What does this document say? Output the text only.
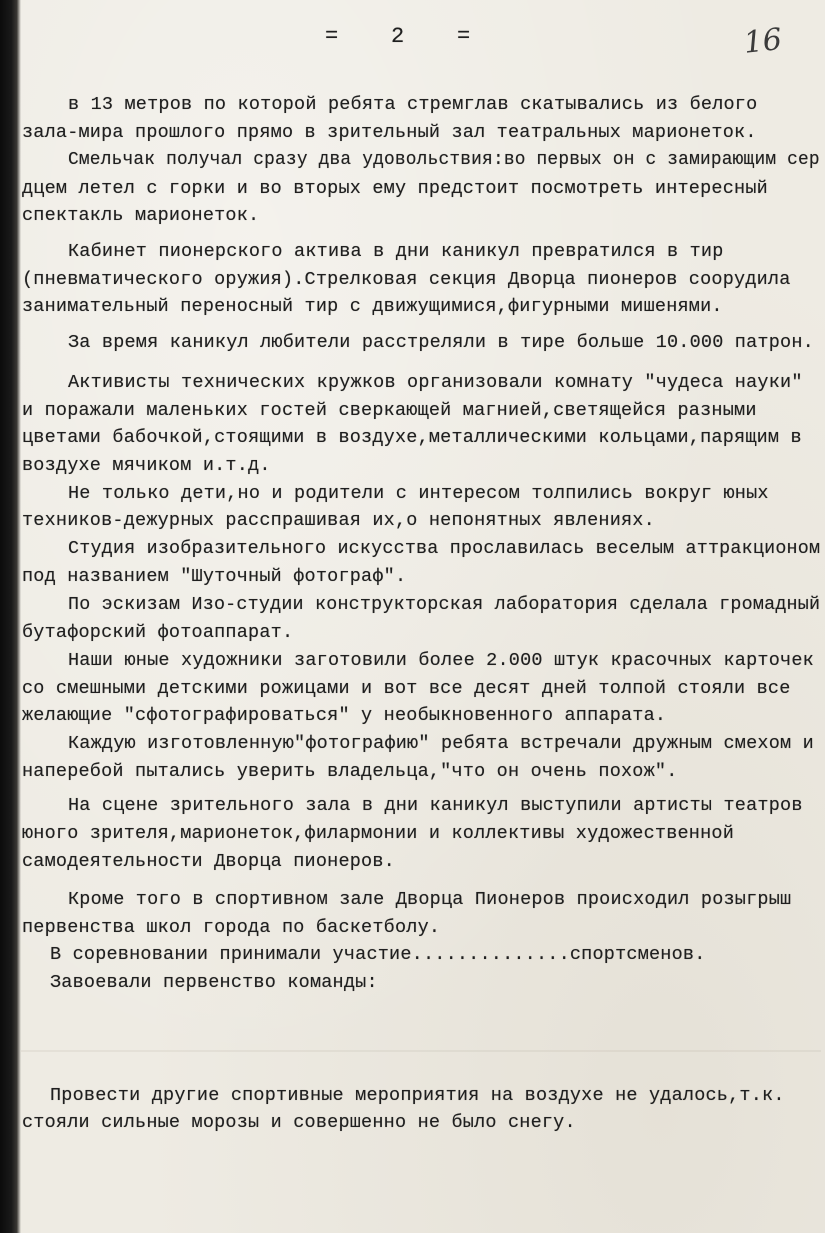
=    2    =	16
в 13 метров по которой ребята стремглав скатывались из белого
зала-мира прошлого прямо в зрительный зал театральных марионеток.
Смельчак получал сразу два удовольствия:во первых он с замирающим сер
дцем летел с горки и во вторых ему предстоит посмотреть интересный
спектакль марионеток.
Кабинет пионерского актива в дни каникул превратился в тир
(пневматического оружия).Стрелковая секция Дворца пионеров соорудила
занимательный переносный тир с движущимися,фигурными мишенями.
За время каникул любители расстреляли в тире больше 10.000 патрон.
Активисты технических кружков организовали комнату "чудеса науки"
и поражали маленьких гостей сверкающей магнией,светящейся разными
цветами бабочкой,стоящими в воздухе,металлическими кольцами,парящим в
воздухе мячиком и.т.д.
Не только дети,но и родители с интересом толпились вокруг юных
техников-дежурных расспрашивая их,о непонятных явлениях.
Студия изобразительного искусства прославилась веселым аттракционом
под названием "Шуточный фотограф".
По эскизам Изо-студии конструкторская лаборатория сделала громадный
бутафорский фотоаппарат.
Наши юные художники заготовили более 2.000 штук красочных карточек
со смешными детскими рожицами и вот все десят дней толпой стояли все
желающие "сфотографироваться" у необыкновенного аппарата.
Каждую изготовленную"фотографию" ребята встречали дружным смехом и
наперебой пытались уверить владельца,"что он очень похож".
На сцене зрительного зала в дни каникул выступили артисты театров
юного зрителя,марионеток,филармонии и коллективы художественной
самодеятельности Дворца пионеров.
Кроме того в спортивном зале Дворца Пионеров происходил розыгрыш
первенства школ города по баскетболу.
В соревновании принимали участие..............спортсменов.
Завоевали первенство команды:
Провести другие спортивные мероприятия на воздухе не удалось,т.к.
стояли сильные морозы и совершенно не было снегу.
